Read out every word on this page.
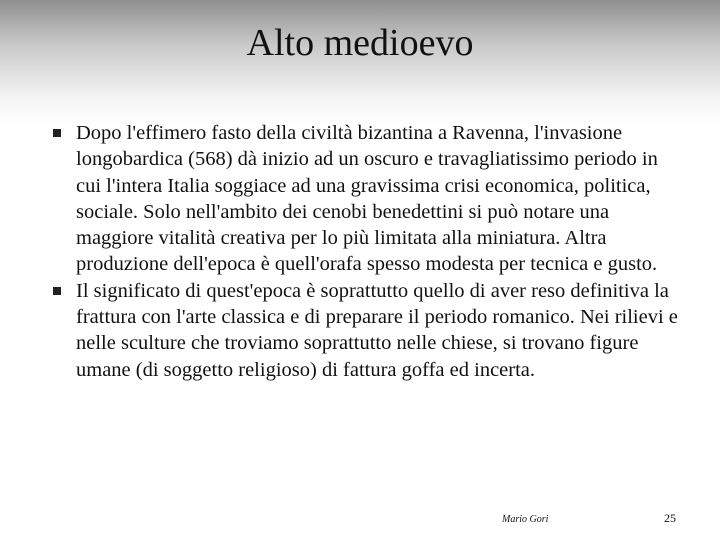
Alto medioevo
Dopo l'effimero fasto della civiltà bizantina a Ravenna, l'invasione longobardica (568) dà inizio ad un oscuro e travagliatissimo periodo in cui l'intera Italia soggiace ad una gravissima crisi economica, politica, sociale. Solo nell'ambito dei cenobi benedettini si può notare una maggiore vitalità creativa per lo più limitata alla miniatura. Altra produzione dell'epoca è quell'orafa spesso modesta per tecnica e gusto.
Il significato di quest'epoca è soprattutto quello di aver reso definitiva la frattura con l'arte classica e di preparare il periodo romanico. Nei rilievi e nelle sculture che troviamo soprattutto nelle chiese, si trovano figure umane (di soggetto religioso) di fattura goffa ed incerta.
Mario Gori	25
